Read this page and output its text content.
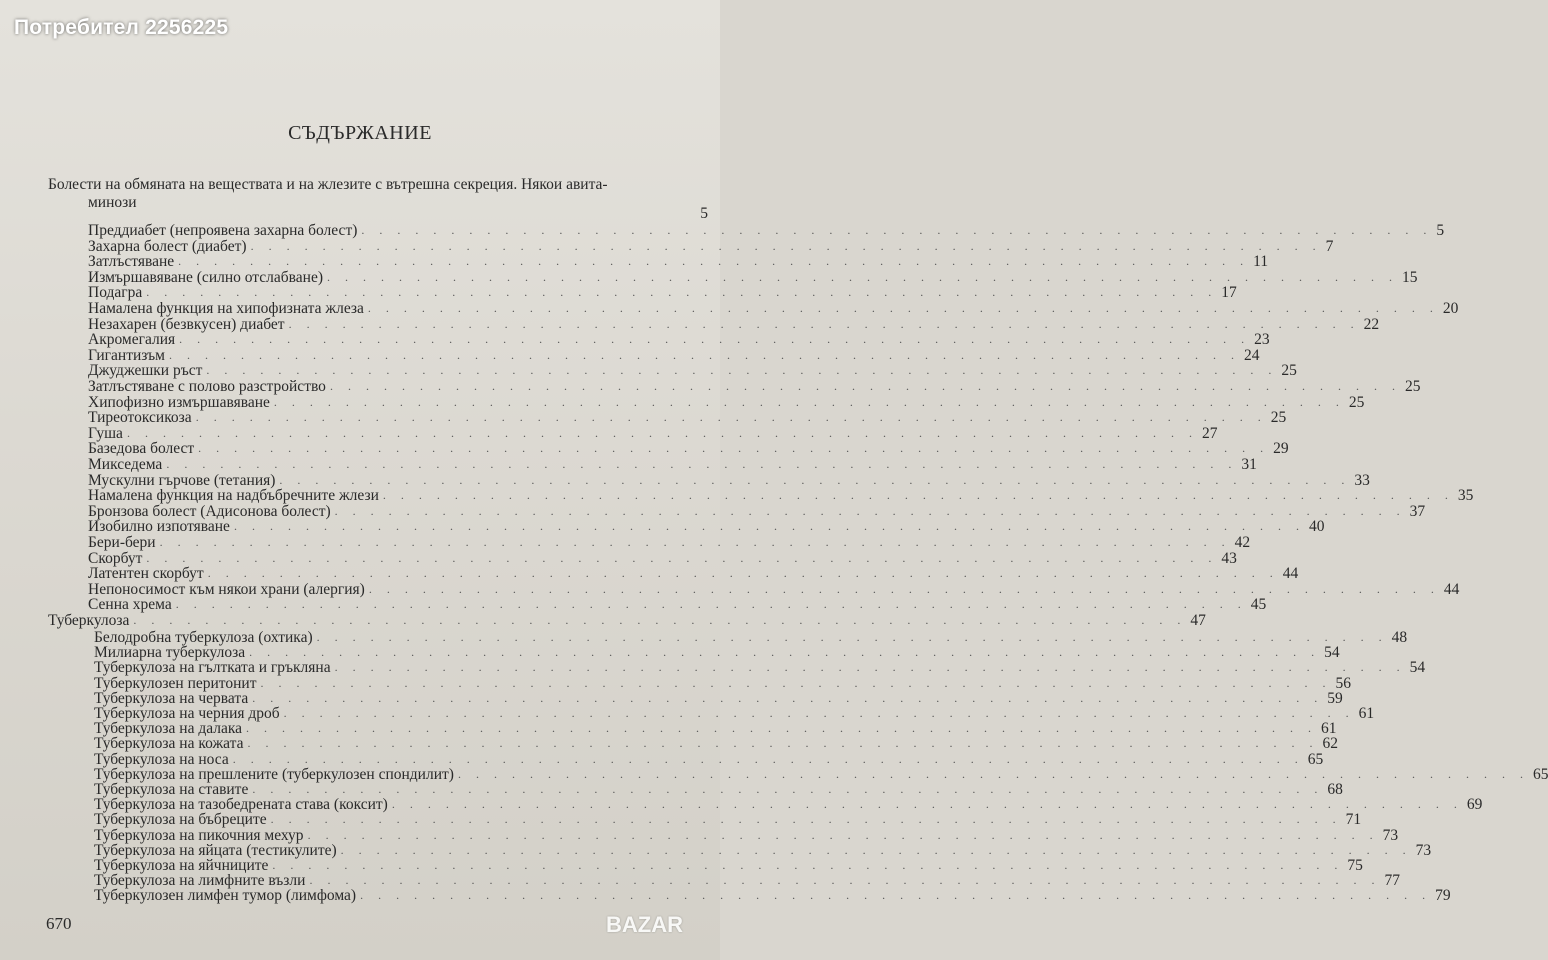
Потребител 2256225
СЪДЪРЖАНИЕ
Болести на обмяната на веществата и на жлезите с вътрешна секреция. Някои авита-
минози
5
Преддиабет (непроявена захарна болест) . . . . . . . . . . . . . . . . . . . . . . . . . . . . . . . . . . . . . . . . . . . . . . . . . . . . . . . . . . . . 5
Захарна болест (диабет) . . . . . . . . . . . . . . . . . . . . . . . . . . . . . . . . . . . . . . . . . . . . . . . . . . . . . . . . . . . . 7
Затлъстяване . . . . . . . . . . . . . . . . . . . . . . . . . . . . . . . . . . . . . . . . . . . . . . . . . . . . . . . . . . . . 11
Измършавяване (силно отслабване) . . . . . . . . . . . . . . . . . . . . . . . . . . . . . . . . . . . . . . . . . . . . . . . . . . . . . . . . . . . . 15
Подагра . . . . . . . . . . . . . . . . . . . . . . . . . . . . . . . . . . . . . . . . . . . . . . . . . . . . . . . . . . . . 17
Намалена функция на хипофизната жлеза . . . . . . . . . . . . . . . . . . . . . . . . . . . . . . . . . . . . . . . . . . . . . . . . . . . . . . . . . . . . 20
Незахарен (безвкусен) диабет . . . . . . . . . . . . . . . . . . . . . . . . . . . . . . . . . . . . . . . . . . . . . . . . . . . . . . . . . . . . 22
Акромегалия . . . . . . . . . . . . . . . . . . . . . . . . . . . . . . . . . . . . . . . . . . . . . . . . . . . . . . . . . . . . 23
Гигантизъм . . . . . . . . . . . . . . . . . . . . . . . . . . . . . . . . . . . . . . . . . . . . . . . . . . . . . . . . . . . . 24
Джуджешки ръст . . . . . . . . . . . . . . . . . . . . . . . . . . . . . . . . . . . . . . . . . . . . . . . . . . . . . . . . . . . . 25
Затлъстяване с полово разстройство . . . . . . . . . . . . . . . . . . . . . . . . . . . . . . . . . . . . . . . . . . . . . . . . . . . . . . . . . . . . 25
Хипофизно измършавяване . . . . . . . . . . . . . . . . . . . . . . . . . . . . . . . . . . . . . . . . . . . . . . . . . . . . . . . . . . . . 25
Тиреотоксикоза . . . . . . . . . . . . . . . . . . . . . . . . . . . . . . . . . . . . . . . . . . . . . . . . . . . . . . . . . . . . 25
Гуша . . . . . . . . . . . . . . . . . . . . . . . . . . . . . . . . . . . . . . . . . . . . . . . . . . . . . . . . . . . . 27
Базедова болест . . . . . . . . . . . . . . . . . . . . . . . . . . . . . . . . . . . . . . . . . . . . . . . . . . . . . . . . . . . . 29
Микседема . . . . . . . . . . . . . . . . . . . . . . . . . . . . . . . . . . . . . . . . . . . . . . . . . . . . . . . . . . . . 31
Мускулни гърчове (тетания) . . . . . . . . . . . . . . . . . . . . . . . . . . . . . . . . . . . . . . . . . . . . . . . . . . . . . . . . . . . . 33
Намалена функция на надбъбречните жлези . . . . . . . . . . . . . . . . . . . . . . . . . . . . . . . . . . . . . . . . . . . . . . . . . . . . . . . . . . . . 35
Бронзова болест (Адисонова болест) . . . . . . . . . . . . . . . . . . . . . . . . . . . . . . . . . . . . . . . . . . . . . . . . . . . . . . . . . . . . 37
Изобилно изпотяване . . . . . . . . . . . . . . . . . . . . . . . . . . . . . . . . . . . . . . . . . . . . . . . . . . . . . . . . . . . . 40
Бери-бери . . . . . . . . . . . . . . . . . . . . . . . . . . . . . . . . . . . . . . . . . . . . . . . . . . . . . . . . . . . . 42
Скорбут . . . . . . . . . . . . . . . . . . . . . . . . . . . . . . . . . . . . . . . . . . . . . . . . . . . . . . . . . . . . 43
Латентен скорбут . . . . . . . . . . . . . . . . . . . . . . . . . . . . . . . . . . . . . . . . . . . . . . . . . . . . . . . . . . . . 44
Непоносимост към някои храни (алергия) . . . . . . . . . . . . . . . . . . . . . . . . . . . . . . . . . . . . . . . . . . . . . . . . . . . . . . . . . . . . 44
Сенна хрема . . . . . . . . . . . . . . . . . . . . . . . . . . . . . . . . . . . . . . . . . . . . . . . . . . . . . . . . . . . . 45
Туберкулоза . . . . . . . . . . . . . . . . . . . . . . . . . . . . . . . . . . . . . . . . . . . . . . . . . . . . . . . . . . . 47
Белодробна туберкулоза (охтика) . . . . . . . . . . . . . . . . . . . . . . . . . . . . . . . . . . . . . . . . . . . . . . . . . . . . . . . . . . . . 48
Милиарна туберкулоза . . . . . . . . . . . . . . . . . . . . . . . . . . . . . . . . . . . . . . . . . . . . . . . . . . . . . . . . . . . . 54
Туберкулоза на гълтката и гръкляна . . . . . . . . . . . . . . . . . . . . . . . . . . . . . . . . . . . . . . . . . . . . . . . . . . . . . . . . . . . . 54
Туберкулозен перитонит . . . . . . . . . . . . . . . . . . . . . . . . . . . . . . . . . . . . . . . . . . . . . . . . . . . . . . . . . . . . 56
Туберкулоза на червата . . . . . . . . . . . . . . . . . . . . . . . . . . . . . . . . . . . . . . . . . . . . . . . . . . . . . . . . . . . . 59
Туберкулоза на черния дроб . . . . . . . . . . . . . . . . . . . . . . . . . . . . . . . . . . . . . . . . . . . . . . . . . . . . . . . . . . . . 61
Туберкулоза на далака . . . . . . . . . . . . . . . . . . . . . . . . . . . . . . . . . . . . . . . . . . . . . . . . . . . . . . . . . . . . 61
Туберкулоза на кожата . . . . . . . . . . . . . . . . . . . . . . . . . . . . . . . . . . . . . . . . . . . . . . . . . . . . . . . . . . . . 62
Туберкулоза на носа . . . . . . . . . . . . . . . . . . . . . . . . . . . . . . . . . . . . . . . . . . . . . . . . . . . . . . . . . . . . 65
Туберкулоза на прешлените (туберкулозен спондилит) . . . . . . . . . . . . . . . . . . . . . . . . . . . . . . . . . . . . . . . . . . . . . . . . . . . . . . . . . . . . 65
Туберкулоза на ставите . . . . . . . . . . . . . . . . . . . . . . . . . . . . . . . . . . . . . . . . . . . . . . . . . . . . . . . . . . . . 68
Туберкулоза на тазобедрената става (коксит) . . . . . . . . . . . . . . . . . . . . . . . . . . . . . . . . . . . . . . . . . . . . . . . . . . . . . . . . . . . . 69
Туберкулоза на бъбреците . . . . . . . . . . . . . . . . . . . . . . . . . . . . . . . . . . . . . . . . . . . . . . . . . . . . . . . . . . . . 71
Туберкулоза на пикочния мехур . . . . . . . . . . . . . . . . . . . . . . . . . . . . . . . . . . . . . . . . . . . . . . . . . . . . . . . . . . . . 73
Туберкулоза на яйцата (тестикулите) . . . . . . . . . . . . . . . . . . . . . . . . . . . . . . . . . . . . . . . . . . . . . . . . . . . . . . . . . . . . 73
Туберкулоза на яйчниците . . . . . . . . . . . . . . . . . . . . . . . . . . . . . . . . . . . . . . . . . . . . . . . . . . . . . . . . . . . . 75
Туберкулоза на лимфните възли . . . . . . . . . . . . . . . . . . . . . . . . . . . . . . . . . . . . . . . . . . . . . . . . . . . . . . . . . . . . 77
Туберкулозен лимфен тумор (лимфома) . . . . . . . . . . . . . . . . . . . . . . . . . . . . . . . . . . . . . . . . . . . . . . . . . . . . . . . . . . . . 79
670	BAZAR
